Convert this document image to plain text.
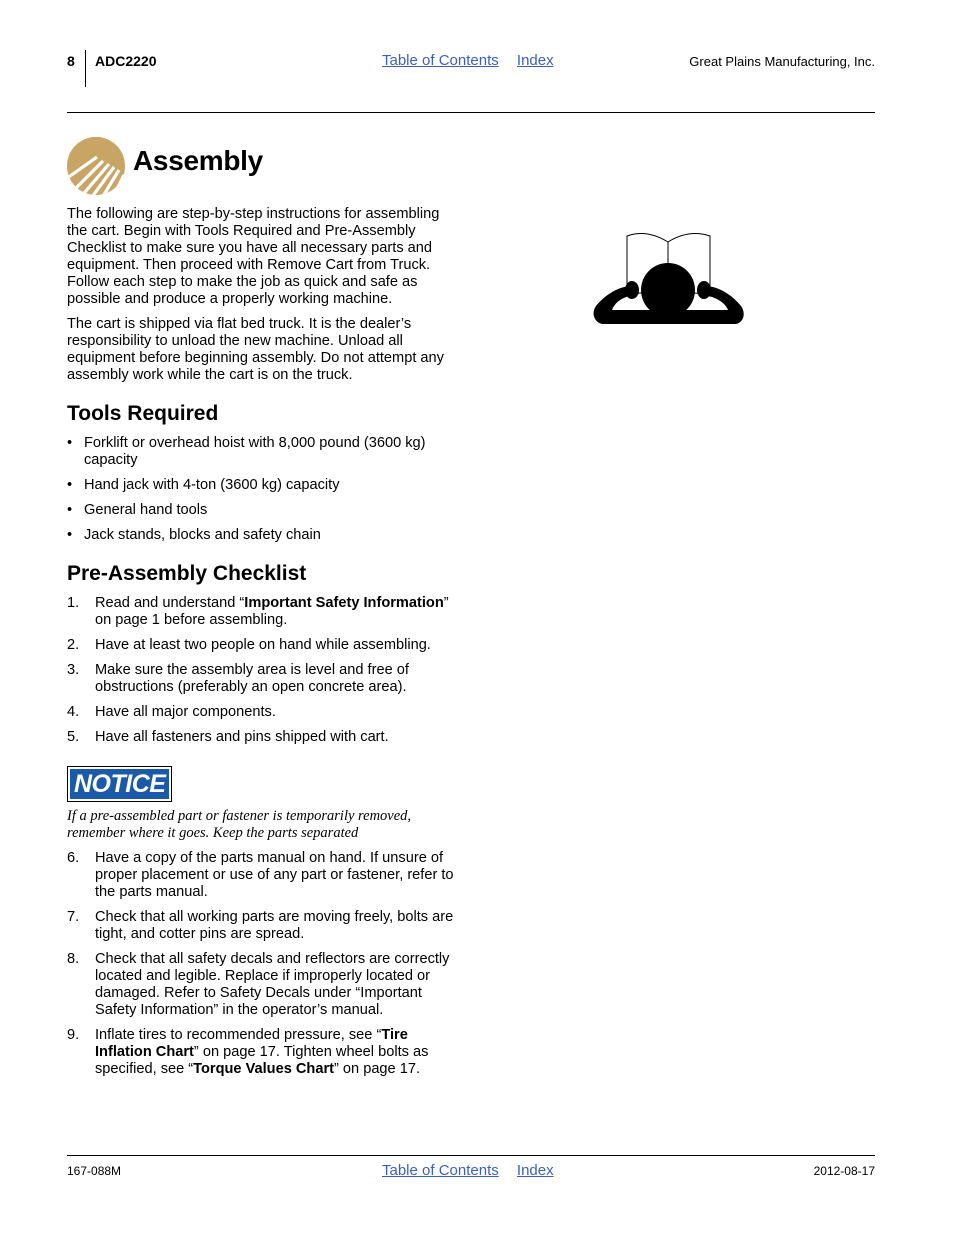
8 ADC2220	Table of Contents Index	Great Plains Manufacturing, Inc.
Assembly

The following are step-by-step instructions for assembling the cart. Begin with Tools Required and Pre-Assembly Checklist to make sure you have all necessary parts and equipment. Then proceed with Remove Cart from Truck. Follow each step to make the job as quick and safe as possible and produce a properly working machine.

The cart is shipped via flat bed truck. It is the dealer’s responsibility to unload the new machine. Unload all equipment before beginning assembly. Do not attempt any assembly work while the cart is on the truck.

Tools Required
• Forklift or overhead hoist with 8,000 pound (3600 kg) capacity
• Hand jack with 4-ton (3600 kg) capacity
• General hand tools
• Jack stands, blocks and safety chain
Pre-Assembly Checklist
1. Read and understand “Important Safety Information” on page 1 before assembling.
2. Have at least two people on hand while assembling.
3. Make sure the assembly area is level and free of obstructions (preferably an open concrete area).
4. Have all major components.
5. Have all fasteners and pins shipped with cart.
NOTICE

If a pre-assembled part or fastener is temporarily removed, remember where it goes. Keep the parts separated

6. Have a copy of the parts manual on hand. If unsure of proper placement or use of any part or fastener, refer to the parts manual.
7. Check that all working parts are moving freely, bolts are tight, and cotter pins are spread.
8. Check that all safety decals and reflectors are correctly located and legible. Replace if improperly located or damaged. Refer to Safety Decals under “Important Safety Information” in the operator’s manual.
9. Inflate tires to recommended pressure, see “Tire Inflation Chart” on page 17. Tighten wheel bolts as specified, see “Torque Values Chart” on page 17.
167-088M	Table of Contents Index	2012-08-17
